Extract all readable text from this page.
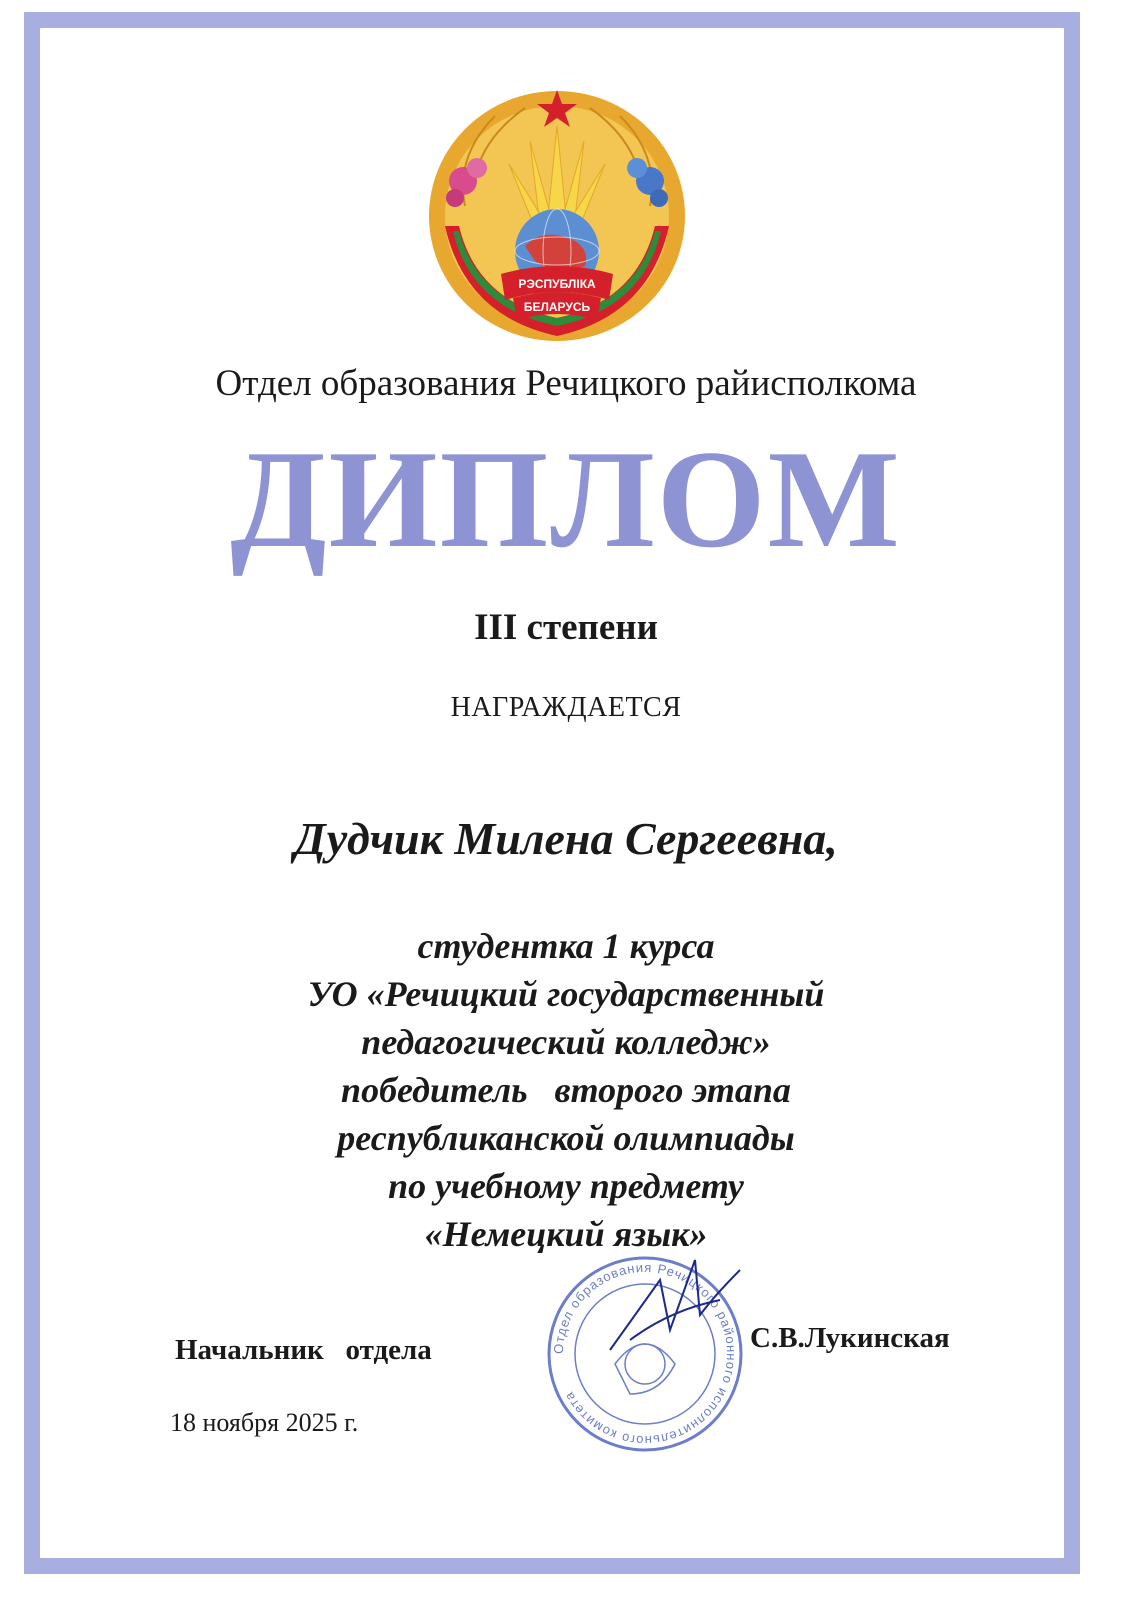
РЭСПУБЛІКА
БЕЛАРУСЬ
Отдел образования Речицкого райисполкома
ДИПЛОМ
III степени
НАГРАЖДАЕТСЯ
Дудчик Милена Сергеевна,
студентка 1 курса
УО «Речицкий государственный
педагогический колледж»
победитель   второго этапа
республиканской олимпиады
по учебному предмету
«Немецкий язык»
Отдел образования Речицкого районного исполнительного комитета
Начальник   отдела	С.В.Лукинская
18 ноября 2025 г.
